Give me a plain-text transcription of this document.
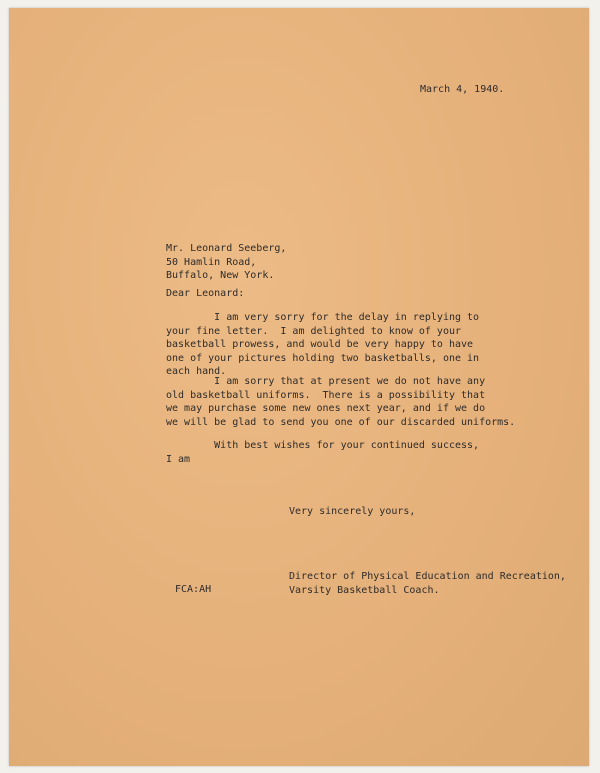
March 4, 1940.

Mr. Leonard Seeberg,
50 Hamlin Road,
Buffalo, New York.

Dear Leonard:

I am very sorry for the delay in replying to
your fine letter.  I am delighted to know of your
basketball prowess, and would be very happy to have
one of your pictures holding two basketballs, one in
each hand.

I am sorry that at present we do not have any
old basketball uniforms.  There is a possibility that
we may purchase some new ones next year, and if we do
we will be glad to send you one of our discarded uniforms.

With best wishes for your continued success,
I am

Very sincerely yours,

Director of Physical Education and Recreation,
Varsity Basketball Coach.

FCA:AH
